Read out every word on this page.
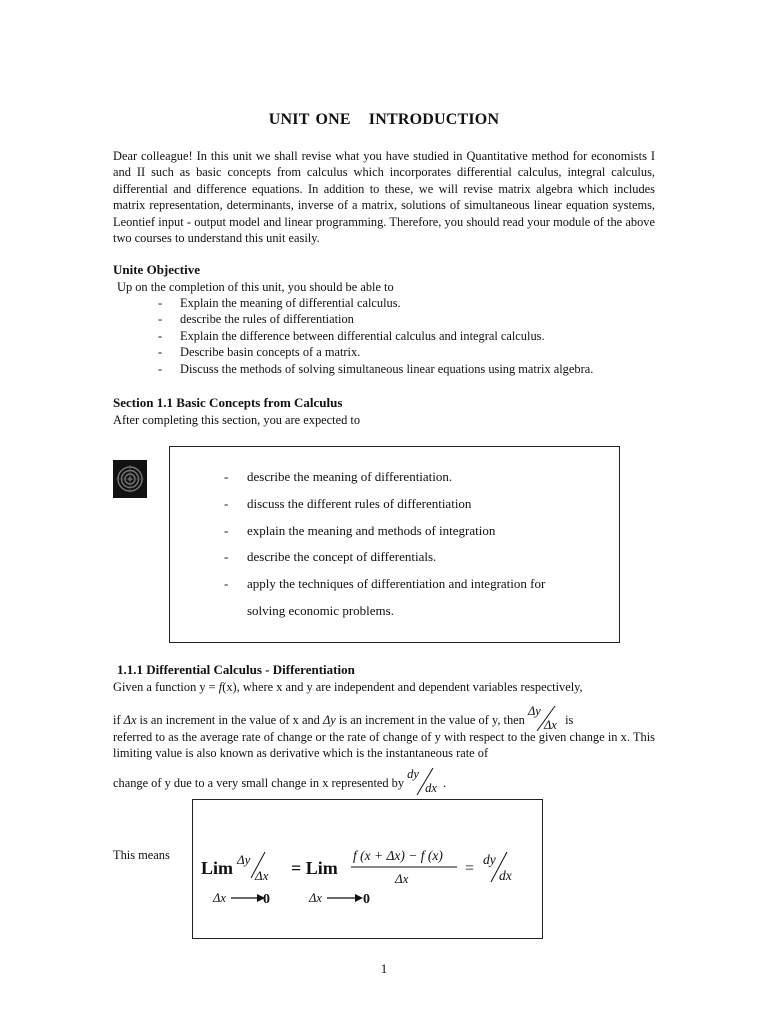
UNIT ONE INTRODUCTION
Dear colleague! In this unit we shall revise what you have studied in Quantitative method for economists I and II such as basic concepts from calculus which incorporates differential calculus, integral calculus, differential and difference equations. In addition to these, we will revise matrix algebra which includes matrix representation, determinants, inverse of a matrix, solutions of simultaneous linear equation systems, Leontief input - output model and linear programming. Therefore, you should read your module of the above two courses to understand this unit easily.
Unite Objective
Up on the completion of this unit, you should be able to
- Explain the meaning of differential calculus.
- describe the rules of differentiation
- Explain the difference between differential calculus and integral calculus.
- Describe basin concepts of a matrix.
- Discuss the methods of solving simultaneous linear equations using matrix algebra.
Section 1.1 Basic Concepts from Calculus
After completing this section, you are expected to
- describe the meaning of differentiation.
- discuss the different rules of differentiation
- explain the meaning and methods of integration
- describe the concept of differentials.
- apply the techniques of differentiation and integration for
solving economic problems.
1.1.1 Differential Calculus - Differentiation
Given a function y = f(x), where x and y are independent and dependent variables respectively,
if Δx is an increment in the value of x and Δy is an increment in the value of y, then
Δy
Δx is
referred to as the average rate of change or the rate of change of y with respect to the given change in x. This limiting value is also known as derivative which is the instantaneous rate of
change of y due to a very small change in x represented by
dy
dx .
This means
Lim Δy
Δx = Lim
f (x + Δx) − f (x)
Δx
=
dy
dx
Δx	0	Δx	0
1
